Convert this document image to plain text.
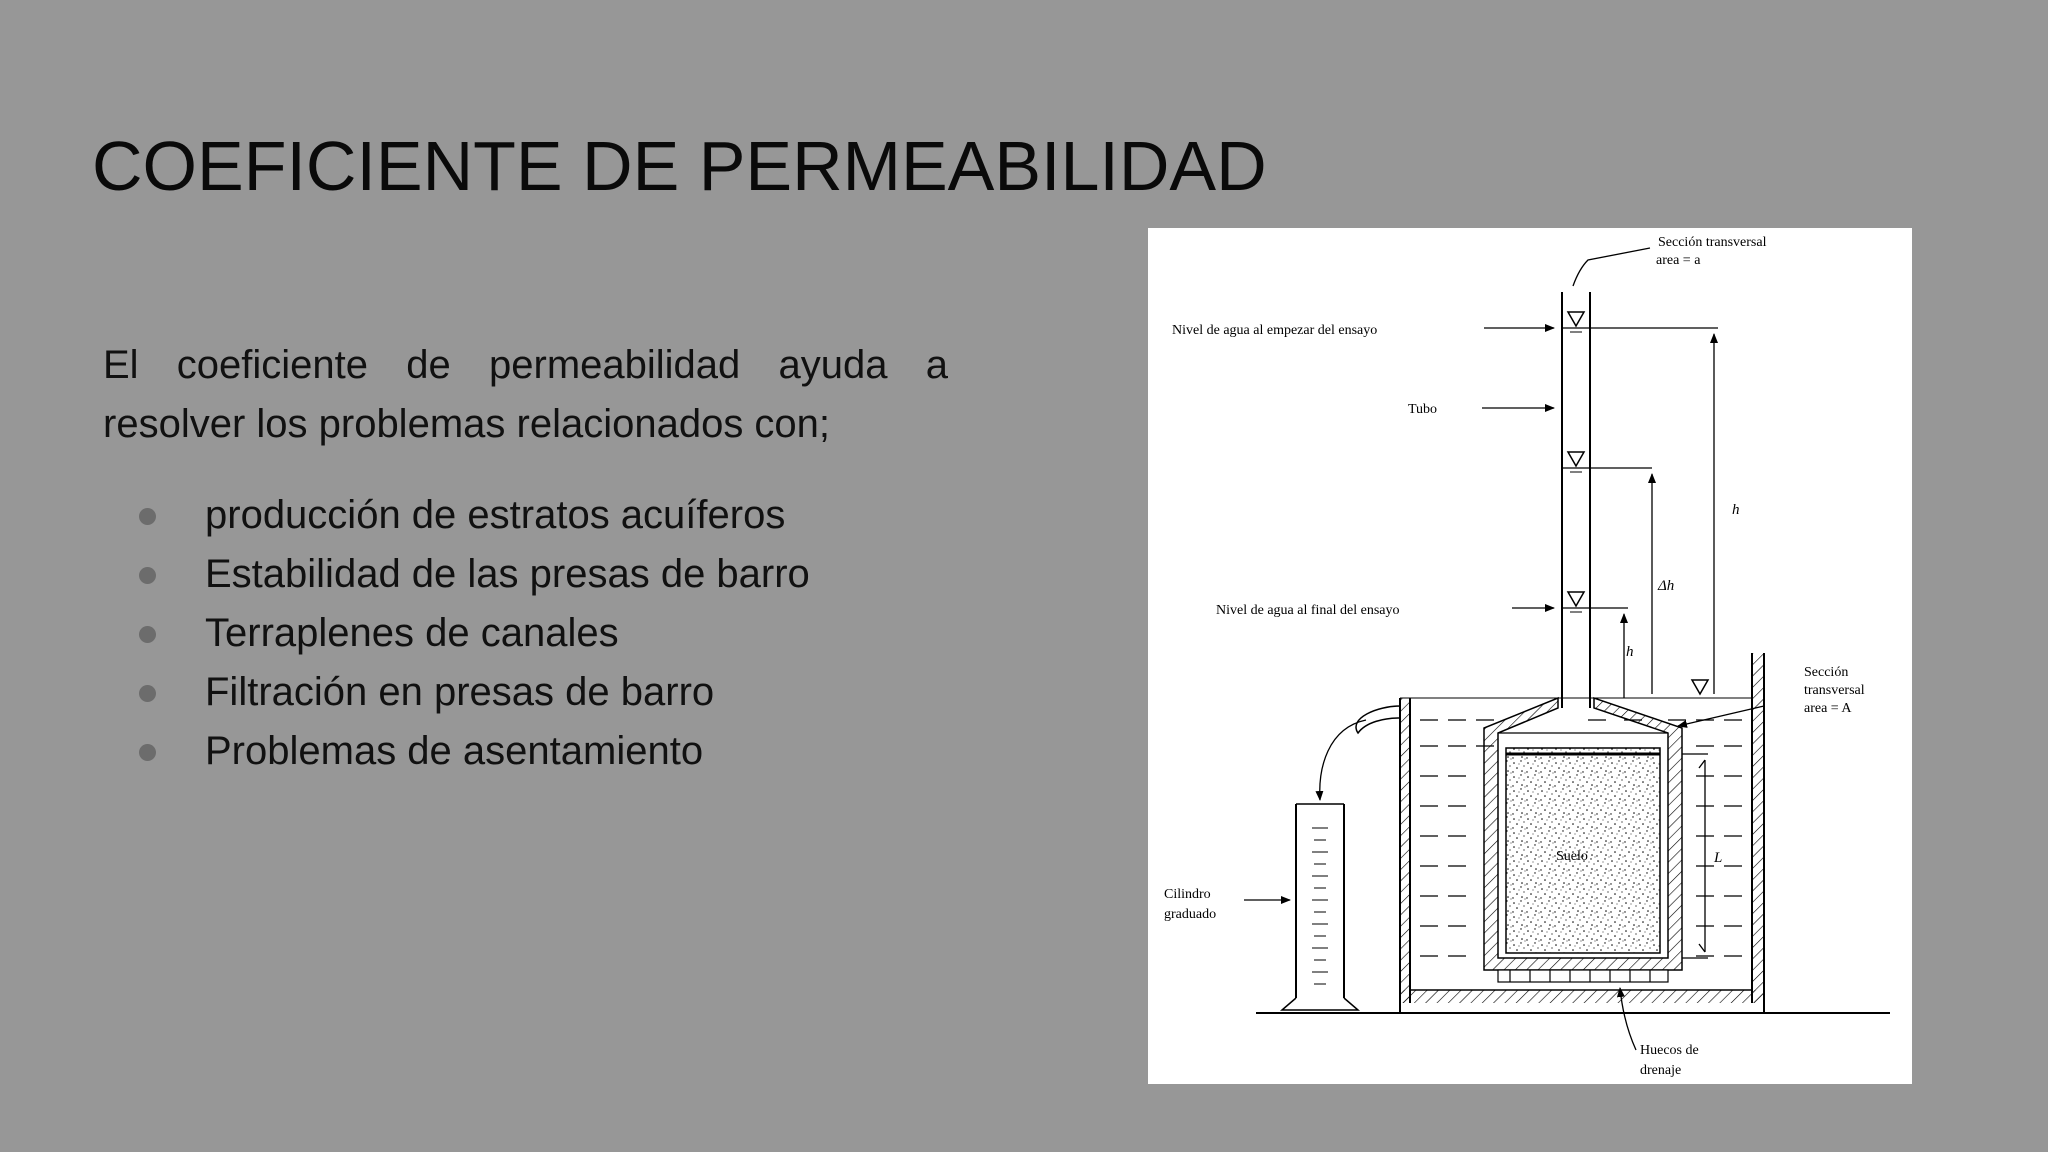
COEFICIENTE DE PERMEABILIDAD

El coeficiente de permeabilidad ayuda a resolver los problemas relacionados con;

producción de estratos acuíferos
Estabilidad de las presas de barro
Terraplenes de canales
Filtración en presas de barro
Problemas de asentamiento
Sección transversal
area = a
Nivel de agua al empezar del ensayo
Tubo
h
Δh
Nivel de agua al final del ensayo
h
Sección
transversal
area = A
Suelo	L
Cilindro
graduado
Huecos de
drenaje
